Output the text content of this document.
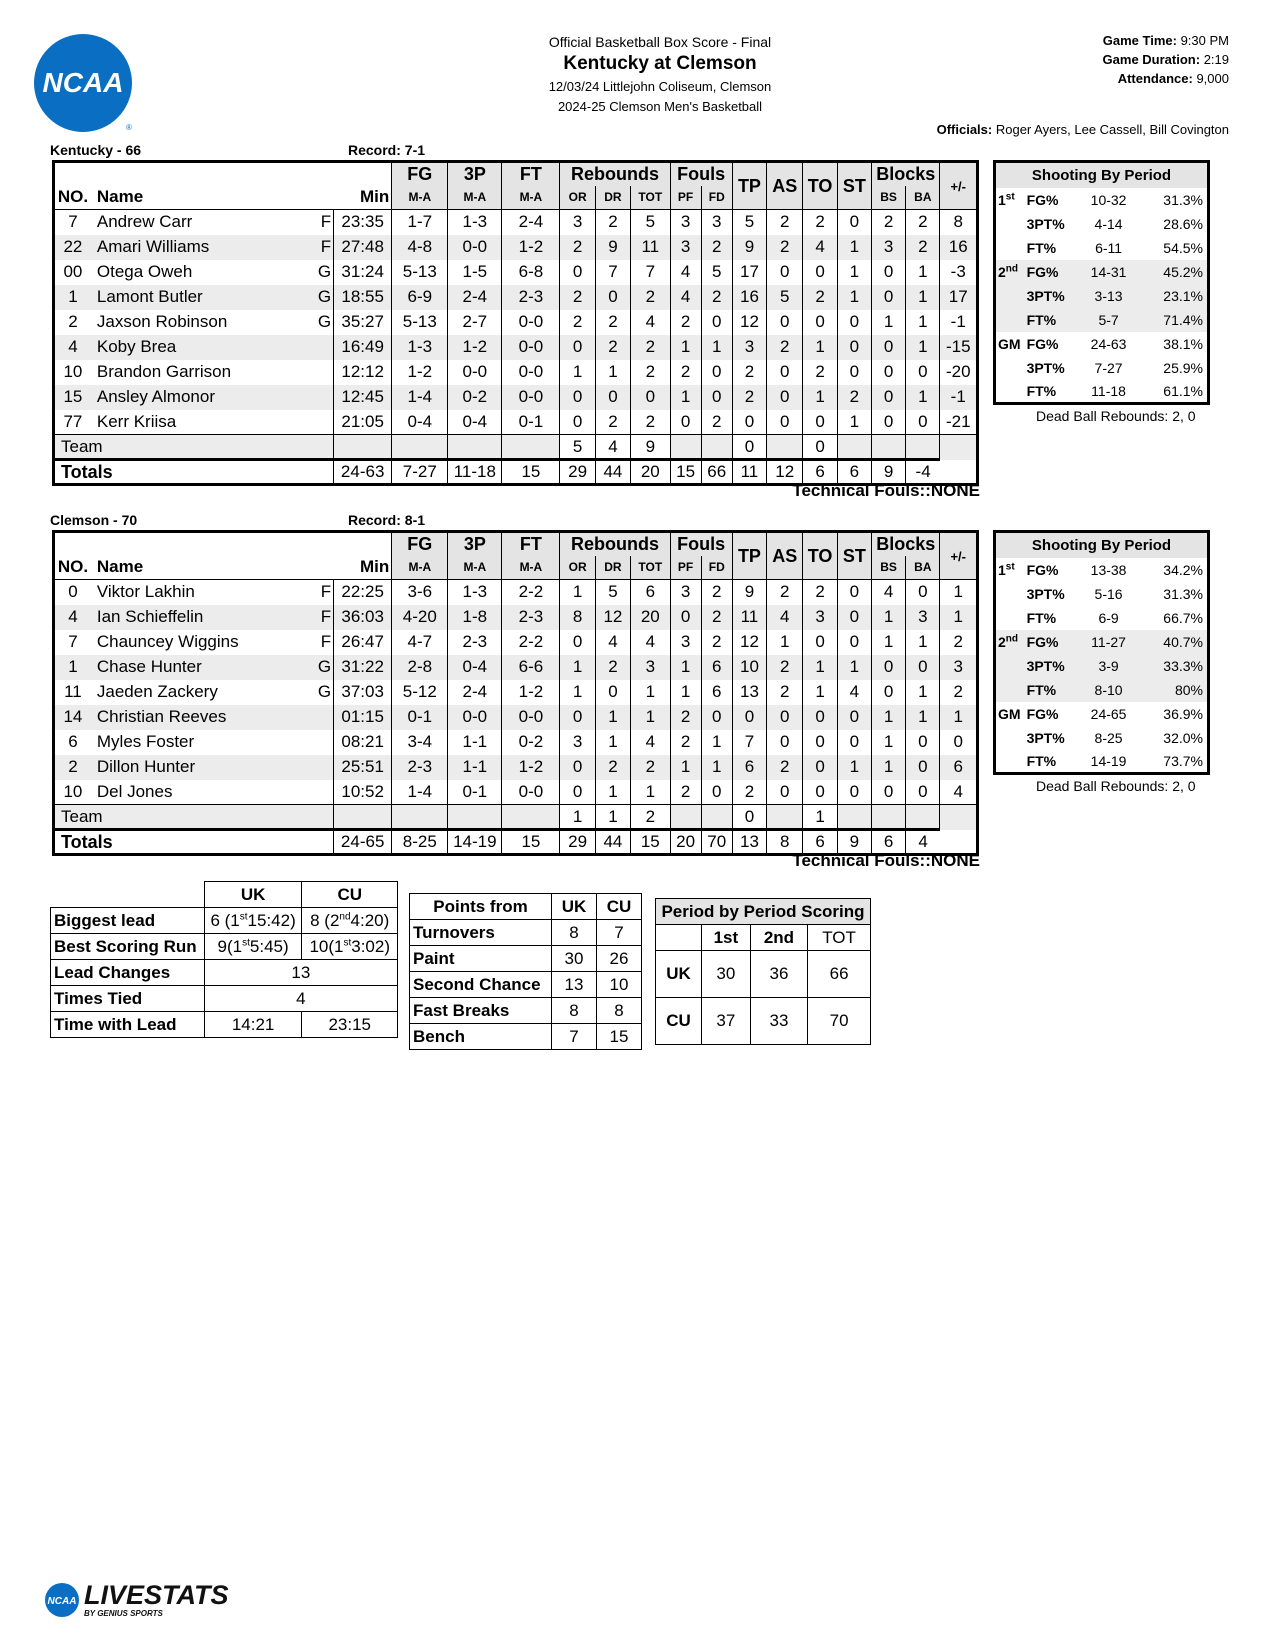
NCAA
®
Official Basketball Box Score - Final
Kentucky at Clemson
12/03/24 Littlejohn Coliseum, Clemson
2024-25 Clemson Men's Basketball
Game Time: 9:30 PM
Game Duration: 2:19
Attendance: 9,000
Officials: Roger Ayers, Lee Cassell, Bill Covington
Kentucky - 66	Record: 7-1
				FG	3P	FT	Rebounds			Fouls		TP	AS	TO	ST	Blocks		+/-
NO.	Name		Min	M-A	M-A	M-A	OR	DR	TOT	PF	FD					BS	BA	
7	Andrew Carr	F	23:35	1-7	1-3	2-4	3	2	5	3	3	5	2	2	0	2	2	8
22	Amari Williams	F	27:48	4-8	0-0	1-2	2	9	11	3	2	9	2	4	1	3	2	16
00	Otega Oweh	G	31:24	5-13	1-5	6-8	0	7	7	4	5	17	0	0	1	0	1	-3
1	Lamont Butler	G	18:55	6-9	2-4	2-3	2	0	2	4	2	16	5	2	1	0	1	17
2	Jaxson Robinson	G	35:27	5-13	2-7	0-0	2	2	4	2	0	12	0	0	0	1	1	-1
4	Koby Brea		16:49	1-3	1-2	0-0	0	2	2	1	1	3	2	1	0	0	1	-15
10	Brandon Garrison		12:12	1-2	0-0	0-0	1	1	2	2	0	2	0	2	0	0	0	-20
15	Ansley Almonor		12:45	1-4	0-2	0-0	0	0	0	1	0	2	0	1	2	0	1	-1
77	Kerr Kriisa		21:05	0-4	0-4	0-1	0	2	2	0	2	0	0	0	1	0	0	-21
Team							5	4	9			0		0				
Totals			24-63	7-27	11-18	15	29	44	20	15	66	11	12	6	6	9	-4	
Technical Fouls::NONE
Shooting By Period			
1st	FG%	10-32	31.3%
	3PT%	4-14	28.6%
	FT%	6-11	54.5%
2nd	FG%	14-31	45.2%
	3PT%	3-13	23.1%
	FT%	5-7	71.4%
GM	FG%	24-63	38.1%
	3PT%	7-27	25.9%
	FT%	11-18	61.1%
Dead Ball Rebounds: 2, 0
Clemson - 70	Record: 8-1
				FG	3P	FT	Rebounds			Fouls		TP	AS	TO	ST	Blocks		+/-
NO.	Name		Min	M-A	M-A	M-A	OR	DR	TOT	PF	FD					BS	BA	
0	Viktor Lakhin	F	22:25	3-6	1-3	2-2	1	5	6	3	2	9	2	2	0	4	0	1
4	Ian Schieffelin	F	36:03	4-20	1-8	2-3	8	12	20	0	2	11	4	3	0	1	3	1
7	Chauncey Wiggins	F	26:47	4-7	2-3	2-2	0	4	4	3	2	12	1	0	0	1	1	2
1	Chase Hunter	G	31:22	2-8	0-4	6-6	1	2	3	1	6	10	2	1	1	0	0	3
11	Jaeden Zackery	G	37:03	5-12	2-4	1-2	1	0	1	1	6	13	2	1	4	0	1	2
14	Christian Reeves		01:15	0-1	0-0	0-0	0	1	1	2	0	0	0	0	0	1	1	1
6	Myles Foster		08:21	3-4	1-1	0-2	3	1	4	2	1	7	0	0	0	1	0	0
2	Dillon Hunter		25:51	2-3	1-1	1-2	0	2	2	1	1	6	2	0	1	1	0	6
10	Del Jones		10:52	1-4	0-1	0-0	0	1	1	2	0	2	0	0	0	0	0	4
Team							1	1	2			0		1				
Totals			24-65	8-25	14-19	15	29	44	15	20	70	13	8	6	9	6	4	
Technical Fouls::NONE
Shooting By Period			
1st	FG%	13-38	34.2%
	3PT%	5-16	31.3%
	FT%	6-9	66.7%
2nd	FG%	11-27	40.7%
	3PT%	3-9	33.3%
	FT%	8-10	80%
GM	FG%	24-65	36.9%
	3PT%	8-25	32.0%
	FT%	14-19	73.7%
Dead Ball Rebounds: 2, 0
	UK	CU
Biggest lead	6 (1st15:42)	8 (2nd4:20)
Best Scoring Run	9(1st5:45)	10(1st3:02)
Lead Changes	13	
Times Tied	4	
Time with Lead	14:21	23:15
Points from	UK	CU
Turnovers	8	7
Paint	30	26
Second Chance	13	10
Fast Breaks	8	8
Bench	7	15
Period by Period Scoring			
	1st	2nd	TOT
UK	30	36	66
CU	37	33	70
NCAA LIVESTATS
BY GENIUS SPORTS
